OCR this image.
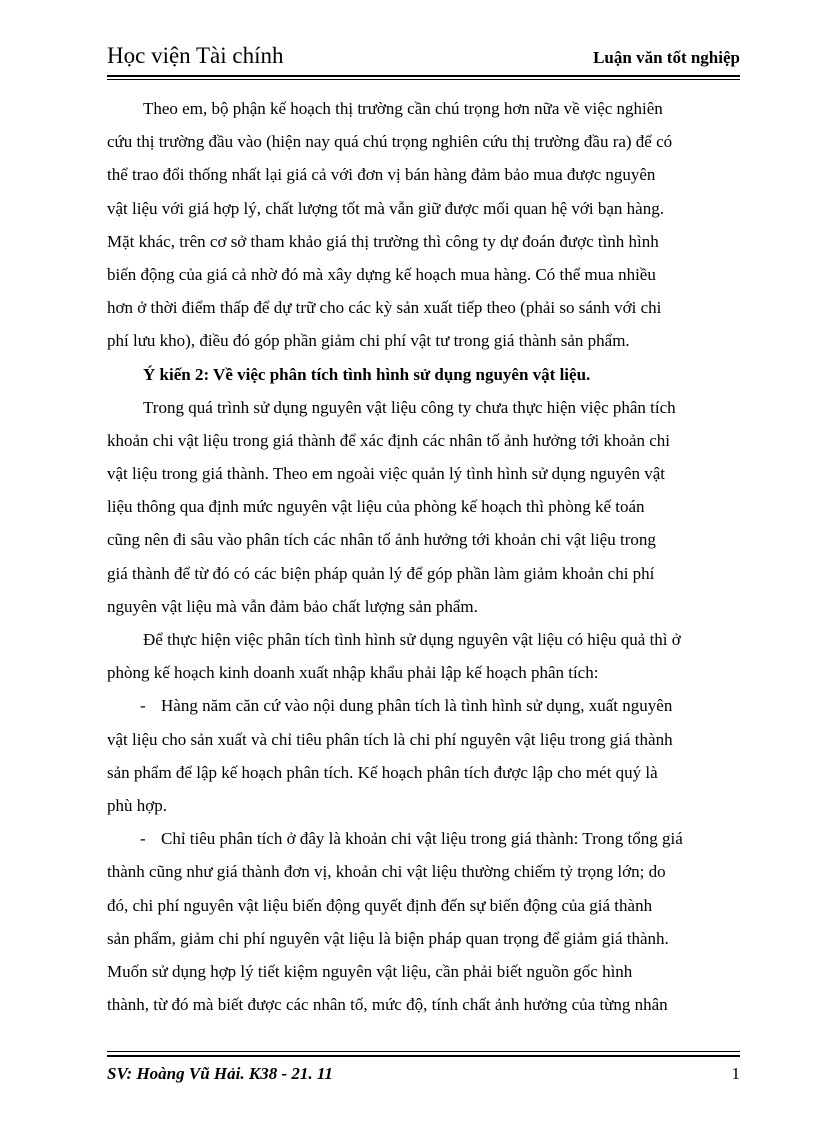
Học viện Tài chính	Luận văn tốt nghiệp
Theo em, bộ phận kế hoạch thị trường cần chú trọng hơn nữa về việc nghiên
cứu thị trường đầu vào (hiện nay quá chú trọng nghiên cứu thị trường đầu ra) để có
thể trao đổi thống nhất lại giá cả với đơn vị bán hàng đảm bảo mua được nguyên
vật liệu với giá hợp lý, chất lượng tốt mà vẫn giữ được mối quan hệ với bạn hàng.
Mặt khác, trên cơ sở tham khảo giá thị trường thì công ty dự đoán được tình hình
biến động của giá cả nhờ đó mà xây dựng kế hoạch mua hàng. Có thể mua nhiều
hơn ở thời điểm thấp để dự trữ cho các kỳ sản xuất tiếp theo (phải so sánh với chi
phí lưu kho), điều đó góp phần giảm chi phí vật tư trong giá thành sản phẩm.
Ý kiến 2: Về việc phân tích tình hình sử dụng nguyên vật liệu.
Trong quá trình sử dụng nguyên vật liệu công ty chưa thực hiện việc phân tích
khoản chi vật liệu trong giá thành để xác định các nhân tố ảnh hưởng tới khoản chi
vật liệu trong giá thành. Theo em ngoài việc quản lý tình hình sử dụng nguyên vật
liệu thông qua định mức nguyên vật liệu của phòng kế hoạch thì phòng kế toán
cũng nên đi sâu vào phân tích các nhân tố ảnh hưởng tới khoản chi vật liệu trong
giá thành để từ đó có các biện pháp quản lý để góp phần làm giảm khoản chi phí
nguyên vật liệu mà vẫn đảm bảo chất lượng sản phẩm.
Để thực hiện việc phân tích tình hình sử dụng nguyên vật liệu có hiệu quả thì ở
phòng kế hoạch kinh doanh xuất nhập khẩu phải lập kế hoạch phân tích:
- Hàng năm căn cứ vào nội dung phân tích là tình hình sử dụng, xuất nguyên
vật liệu cho sản xuất và chỉ tiêu phân tích là chi phí nguyên vật liệu trong giá thành
sản phẩm để lập kế hoạch phân tích. Kế hoạch phân tích được lập cho mét quý là
phù hợp.
- Chỉ tiêu phân tích ở đây là khoản chi vật liệu trong giá thành: Trong tổng giá
thành cũng như giá thành đơn vị, khoản chi vật liệu thường chiếm tỷ trọng lớn; do
đó, chi phí nguyên vật liệu biến động quyết định đến sự biến động của giá thành
sản phẩm, giảm chi phí nguyên vật liệu là biện pháp quan trọng để giảm giá thành.
Muốn sử dụng hợp lý tiết kiệm nguyên vật liệu, cần phải biết nguồn gốc hình
thành, từ đó mà biết được các nhân tố, mức độ, tính chất ảnh hưởng của từng nhân
SV: Hoàng Vũ Hải. K38 - 21. 11	1
